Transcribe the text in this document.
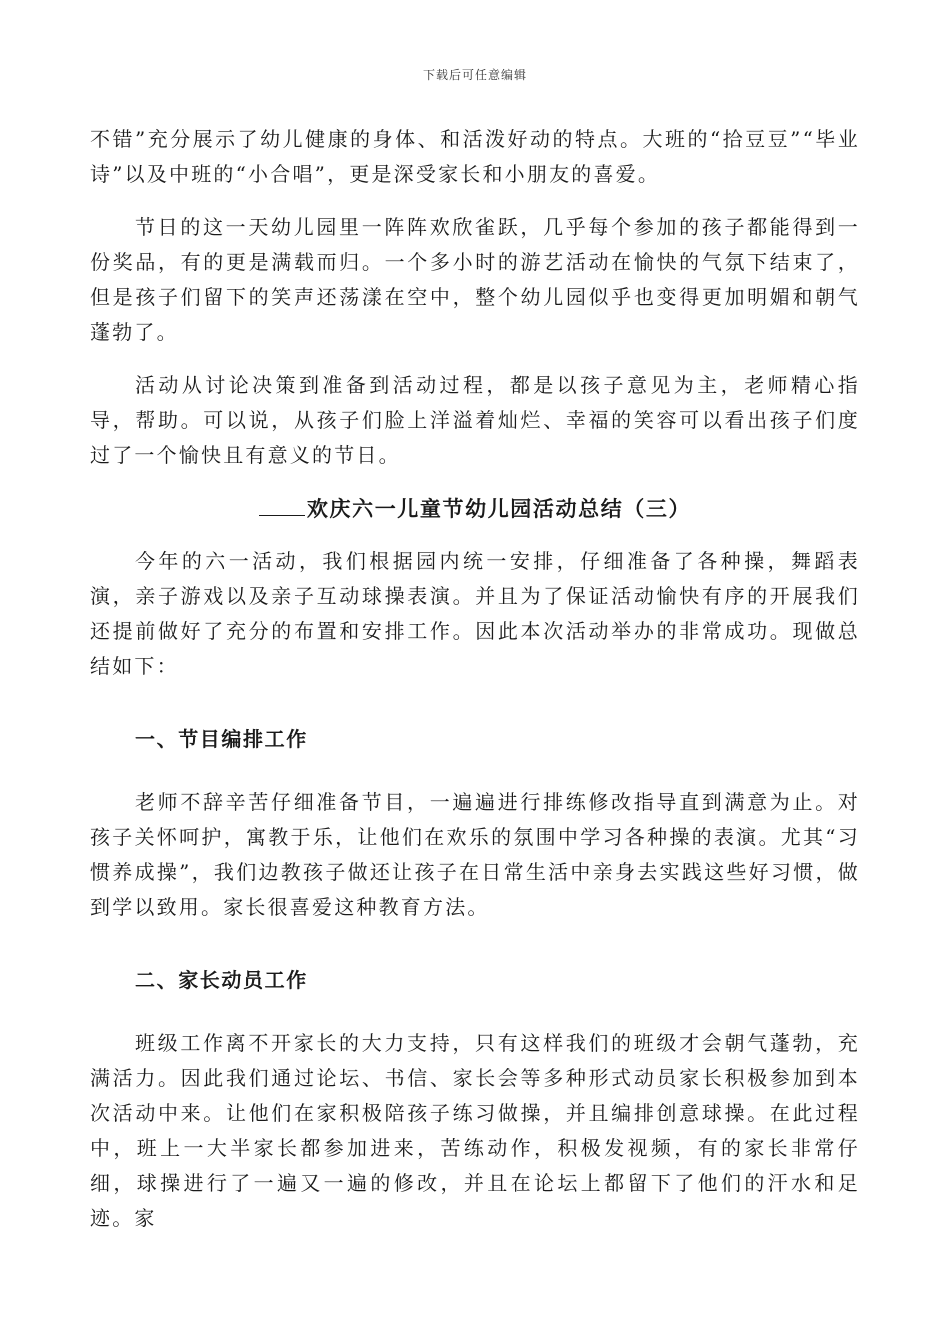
下载后可任意编辑

不错”充分展示了幼儿健康的身体、和活泼好动的特点。大班的“拾豆豆”“毕业诗”以及中班的“小合唱”，更是深受家长和小朋友的喜爱。

节日的这一天幼儿园里一阵阵欢欣雀跃，几乎每个参加的孩子都能得到一份奖品，有的更是满载而归。一个多小时的游艺活动在愉快的气氛下结束了，但是孩子们留下的笑声还荡漾在空中，整个幼儿园似乎也变得更加明媚和朝气蓬勃了。

活动从讨论决策到准备到活动过程，都是以孩子意见为主，老师精心指导，帮助。可以说，从孩子们脸上洋溢着灿烂、幸福的笑容可以看出孩子们度过了一个愉快且有意义的节日。

欢庆六一儿童节幼儿园活动总结（三）

今年的六一活动，我们根据园内统一安排，仔细准备了各种操，舞蹈表演，亲子游戏以及亲子互动球操表演。并且为了保证活动愉快有序的开展我们还提前做好了充分的布置和安排工作。因此本次活动举办的非常成功。现做总结如下：

一、节目编排工作

老师不辞辛苦仔细准备节目，一遍遍进行排练修改指导直到满意为止。对孩子关怀呵护，寓教于乐，让他们在欢乐的氛围中学习各种操的表演。尤其“习惯养成操”，我们边教孩子做还让孩子在日常生活中亲身去实践这些好习惯，做到学以致用。家长很喜爱这种教育方法。

二、家长动员工作

班级工作离不开家长的大力支持，只有这样我们的班级才会朝气蓬勃，充满活力。因此我们通过论坛、书信、家长会等多种形式动员家长积极参加到本次活动中来。让他们在家积极陪孩子练习做操，并且编排创意球操。在此过程中，班上一大半家长都参加进来，苦练动作，积极发视频，有的家长非常仔细，球操进行了一遍又一遍的修改，并且在论坛上都留下了他们的汗水和足迹。家
